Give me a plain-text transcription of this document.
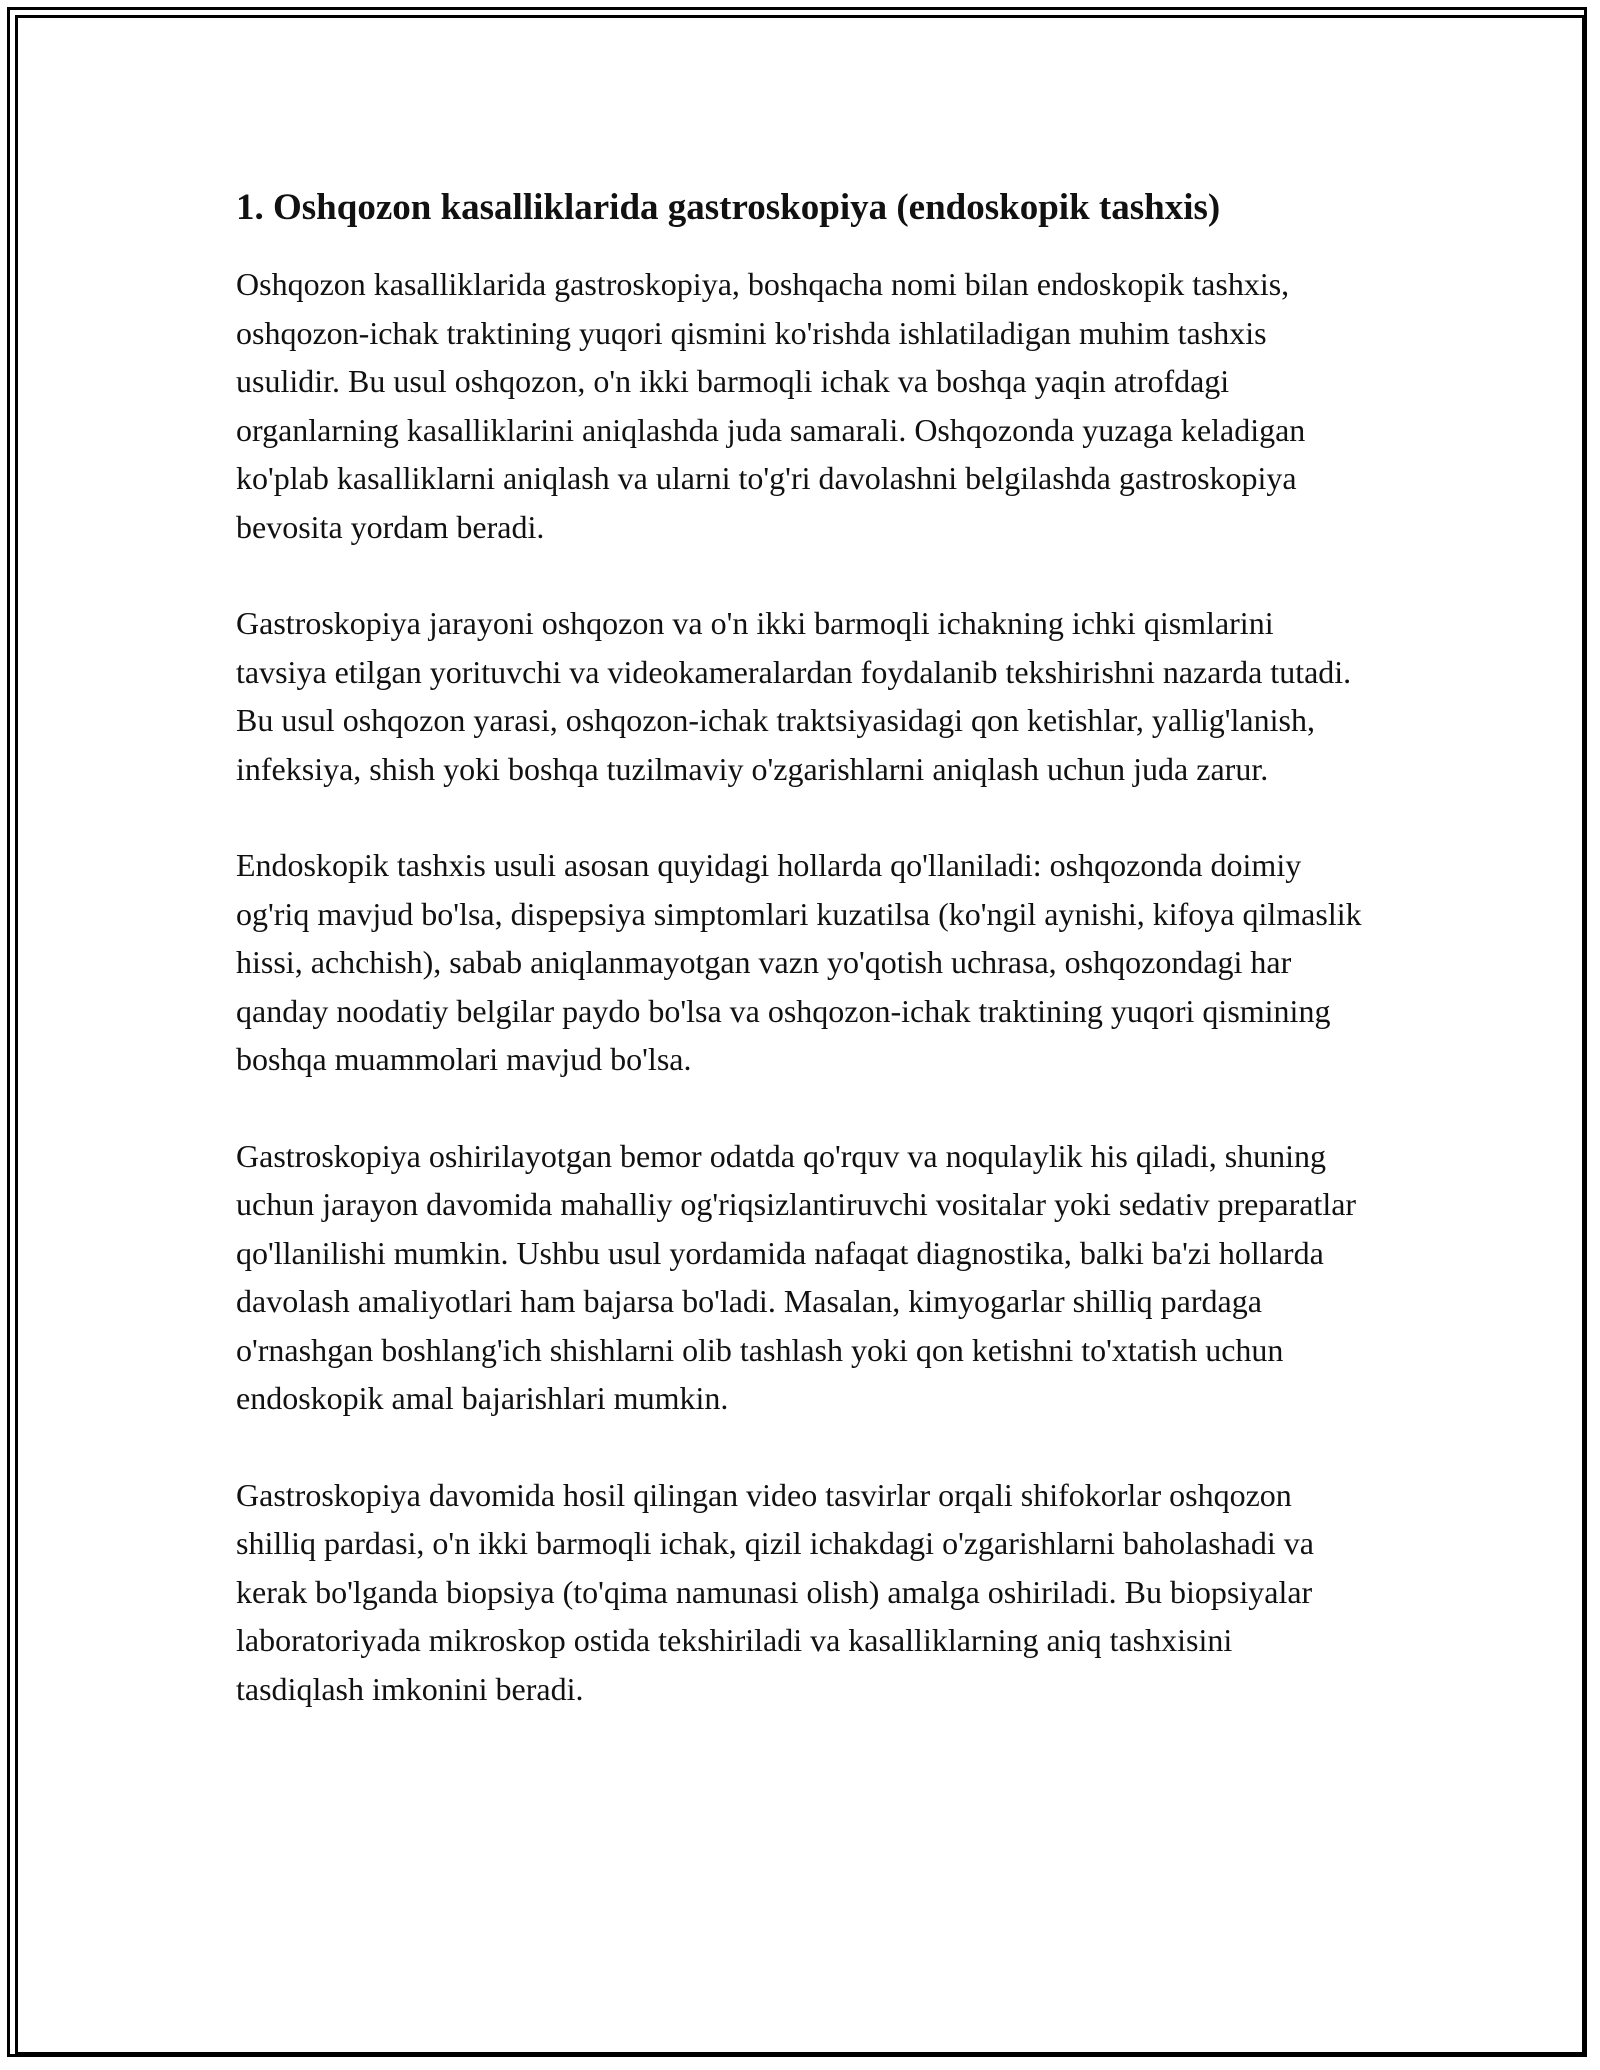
1. Oshqozon kasalliklarida gastroskopiya (endoskopik tashxis)

Oshqozon kasalliklarida gastroskopiya, boshqacha nomi bilan endoskopik tashxis, oshqozon-ichak traktining yuqori qismini ko'rishda ishlatiladigan muhim tashxis usulidir. Bu usul oshqozon, o'n ikki barmoqli ichak va boshqa yaqin atrofdagi organlarning kasalliklarini aniqlashda juda samarali. Oshqozonda yuzaga keladigan ko'plab kasalliklarni aniqlash va ularni to'g'ri davolashni belgilashda gastroskopiya bevosita yordam beradi.

Gastroskopiya jarayoni oshqozon va o'n ikki barmoqli ichakning ichki qismlarini tavsiya etilgan yorituvchi va videokameralardan foydalanib tekshirishni nazarda tutadi. Bu usul oshqozon yarasi, oshqozon-ichak traktsiyasidagi qon ketishlar, yallig'lanish, infeksiya, shish yoki boshqa tuzilmaviy o'zgarishlarni aniqlash uchun juda zarur.

Endoskopik tashxis usuli asosan quyidagi hollarda qo'llaniladi: oshqozonda doimiy og'riq mavjud bo'lsa, dispepsiya simptomlari kuzatilsa (ko'ngil aynishi, kifoya qilmaslik hissi, achchish), sabab aniqlanmayotgan vazn yo'qotish uchrasa, oshqozondagi har qanday noodatiy belgilar paydo bo'lsa va oshqozon-ichak traktining yuqori qismining boshqa muammolari mavjud bo'lsa.

Gastroskopiya oshirilayotgan bemor odatda qo'rquv va noqulaylik his qiladi, shuning uchun jarayon davomida mahalliy og'riqsizlantiruvchi vositalar yoki sedativ preparatlar qo'llanilishi mumkin. Ushbu usul yordamida nafaqat diagnostika, balki ba'zi hollarda davolash amaliyotlari ham bajarsa bo'ladi. Masalan, kimyogarlar shilliq pardaga o'rnashgan boshlang'ich shishlarni olib tashlash yoki qon ketishni to'xtatish uchun endoskopik amal bajarishlari mumkin.

Gastroskopiya davomida hosil qilingan video tasvirlar orqali shifokorlar oshqozon shilliq pardasi, o'n ikki barmoqli ichak, qizil ichakdagi o'zgarishlarni baholashadi va kerak bo'lganda biopsiya (to'qima namunasi olish) amalga oshiriladi. Bu biopsiyalar laboratoriyada mikroskop ostida tekshiriladi va kasalliklarning aniq tashxisini tasdiqlash imkonini beradi.
